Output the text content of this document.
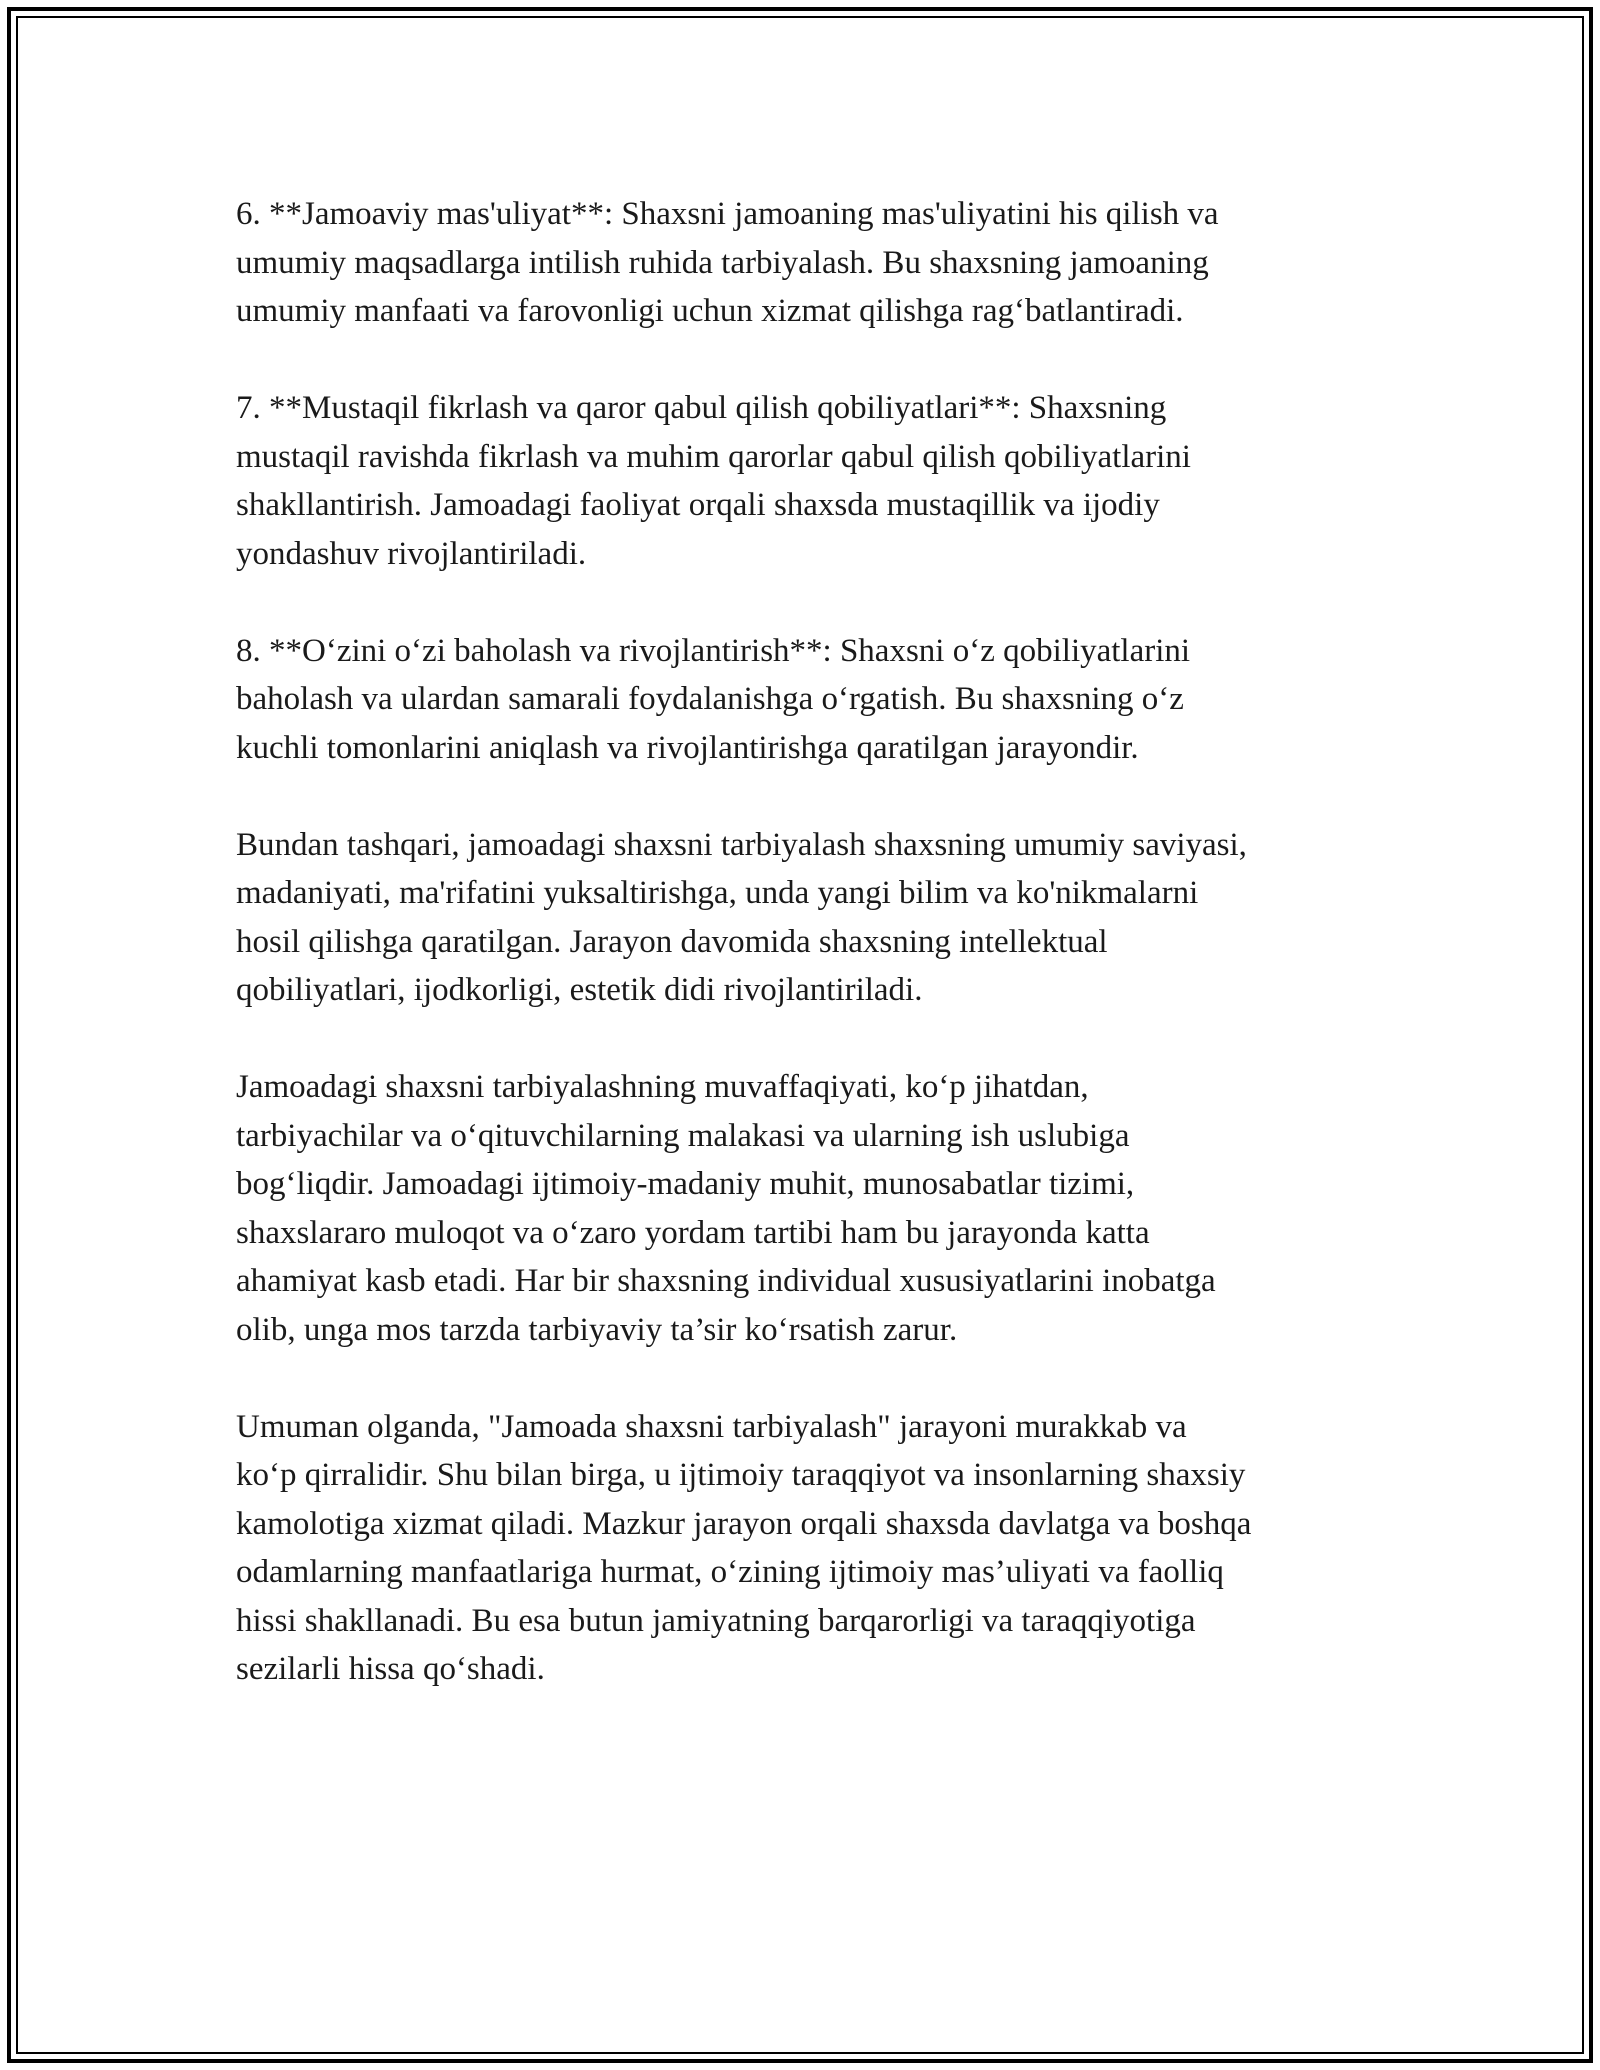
6. **Jamoaviy mas'uliyat**: Shaxsni jamoaning mas'uliyatini his qilish va
umumiy maqsadlarga intilish ruhida tarbiyalash. Bu shaxsning jamoaning
umumiy manfaati va farovonligi uchun xizmat qilishga rag‘batlantiradi.

7. **Mustaqil fikrlash va qaror qabul qilish qobiliyatlari**: Shaxsning
mustaqil ravishda fikrlash va muhim qarorlar qabul qilish qobiliyatlarini
shakllantirish. Jamoadagi faoliyat orqali shaxsda mustaqillik va ijodiy
yondashuv rivojlantiriladi.

8. **O‘zini o‘zi baholash va rivojlantirish**: Shaxsni o‘z qobiliyatlarini
baholash va ulardan samarali foydalanishga o‘rgatish. Bu shaxsning o‘z
kuchli tomonlarini aniqlash va rivojlantirishga qaratilgan jarayondir.

Bundan tashqari, jamoadagi shaxsni tarbiyalash shaxsning umumiy saviyasi,
madaniyati, ma'rifatini yuksaltirishga, unda yangi bilim va ko'nikmalarni
hosil qilishga qaratilgan. Jarayon davomida shaxsning intellektual
qobiliyatlari, ijodkorligi, estetik didi rivojlantiriladi.

Jamoadagi shaxsni tarbiyalashning muvaffaqiyati, ko‘p jihatdan,
tarbiyachilar va o‘qituvchilarning malakasi va ularning ish uslubiga
bog‘liqdir. Jamoadagi ijtimoiy-madaniy muhit, munosabatlar tizimi,
shaxslararo muloqot va o‘zaro yordam tartibi ham bu jarayonda katta
ahamiyat kasb etadi. Har bir shaxsning individual xususiyatlarini inobatga
olib, unga mos tarzda tarbiyaviy ta’sir ko‘rsatish zarur.

Umuman olganda, "Jamoada shaxsni tarbiyalash" jarayoni murakkab va
ko‘p qirralidir. Shu bilan birga, u ijtimoiy taraqqiyot va insonlarning shaxsiy
kamolotiga xizmat qiladi. Mazkur jarayon orqali shaxsda davlatga va boshqa
odamlarning manfaatlariga hurmat, o‘zining ijtimoiy mas’uliyati va faolliq
hissi shakllanadi. Bu esa butun jamiyatning barqarorligi va taraqqiyotiga
sezilarli hissa qo‘shadi.
